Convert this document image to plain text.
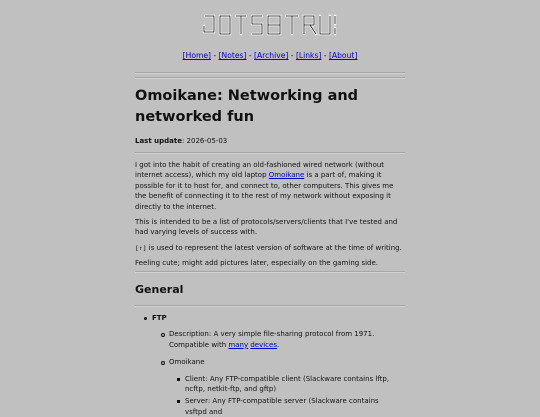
[Home] - [Notes] - [Archive] - [Links] - [About]
Omoikane: Networking and networked fun
Last update: 2026-05-03

I got into the habit of creating an old-fashioned wired network (without internet access), which my old laptop Omoikane is a part of, making it possible for it to host for, and connect to, other computers. This gives me the benefit of connecting it to the rest of my network without exposing it directly to the internet.

This is intended to be a list of protocols/servers/clients that I've tested and had varying levels of success with.

[↑] is used to represent the latest version of software at the time of writing.

Feeling cute; might add pictures later, especially on the gaming side.

General
FTP
Description: A very simple file-sharing protocol from 1971. Compatible with many devices.
Omoikane
Client: Any FTP-compatible client (Slackware contains lftp, ncftp, netkit-ftp, and gftp)
Server: Any FTP-compatible server (Slackware contains vsftpd and
